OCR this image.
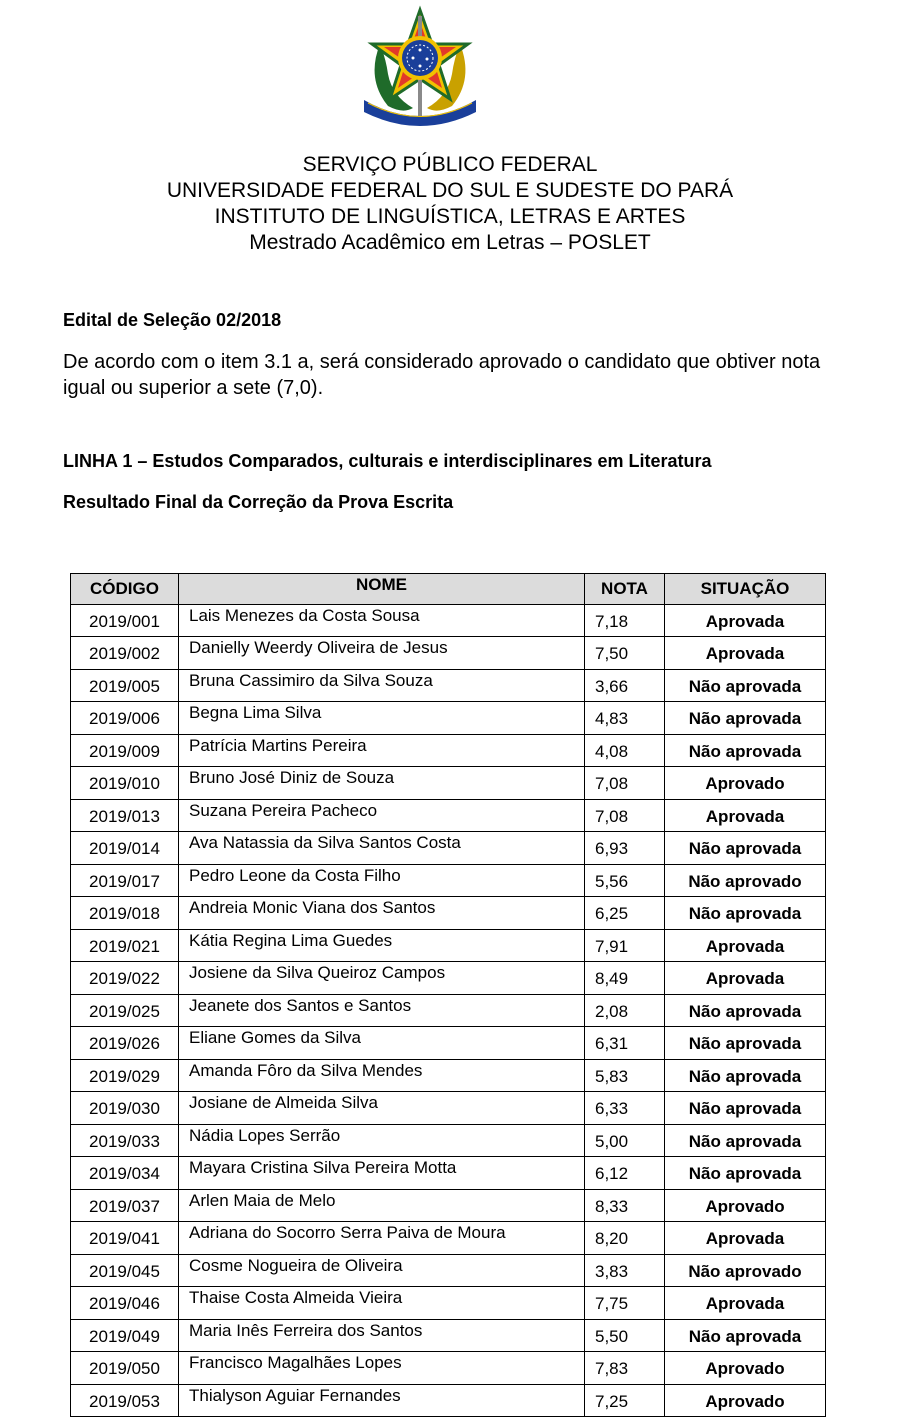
SERVIÇO PÚBLICO FEDERAL
UNIVERSIDADE FEDERAL DO SUL E SUDESTE DO PARÁ
INSTITUTO DE LINGUÍSTICA, LETRAS E ARTES
Mestrado Acadêmico em Letras – POSLET
Edital de Seleção 02/2018
De acordo com o item 3.1 a, será considerado aprovado o candidato que obtiver nota igual ou superior a sete (7,0).
LINHA 1 – Estudos Comparados, culturais e interdisciplinares em Literatura
Resultado Final da Correção da Prova Escrita
CÓDIGO	NOME	NOTA	SITUAÇÃO
2019/001	Lais Menezes da Costa Sousa	7,18	Aprovada
2019/002	Danielly Weerdy Oliveira de Jesus	7,50	Aprovada
2019/005	Bruna Cassimiro da Silva Souza	3,66	Não aprovada
2019/006	Begna Lima Silva	4,83	Não aprovada
2019/009	Patrícia Martins Pereira	4,08	Não aprovada
2019/010	Bruno José Diniz de Souza	7,08	Aprovado
2019/013	Suzana Pereira Pacheco	7,08	Aprovada
2019/014	Ava Natassia da Silva Santos Costa	6,93	Não aprovada
2019/017	Pedro Leone da Costa Filho	5,56	Não aprovado
2019/018	Andreia Monic Viana dos Santos	6,25	Não aprovada
2019/021	Kátia Regina Lima Guedes	7,91	Aprovada
2019/022	Josiene da Silva Queiroz Campos	8,49	Aprovada
2019/025	Jeanete dos Santos e Santos	2,08	Não aprovada
2019/026	Eliane Gomes da Silva	6,31	Não aprovada
2019/029	Amanda Fôro da Silva Mendes	5,83	Não aprovada
2019/030	Josiane de Almeida Silva	6,33	Não aprovada
2019/033	Nádia Lopes Serrão	5,00	Não aprovada
2019/034	Mayara Cristina Silva Pereira Motta	6,12	Não aprovada
2019/037	Arlen Maia de Melo	8,33	Aprovado
2019/041	Adriana do Socorro Serra Paiva de Moura	8,20	Aprovada
2019/045	Cosme Nogueira de Oliveira	3,83	Não aprovado
2019/046	Thaise Costa Almeida Vieira	7,75	Aprovada
2019/049	Maria Inês Ferreira dos Santos	5,50	Não aprovada
2019/050	Francisco Magalhães Lopes	7,83	Aprovado
2019/053	Thialyson Aguiar Fernandes	7,25	Aprovado
